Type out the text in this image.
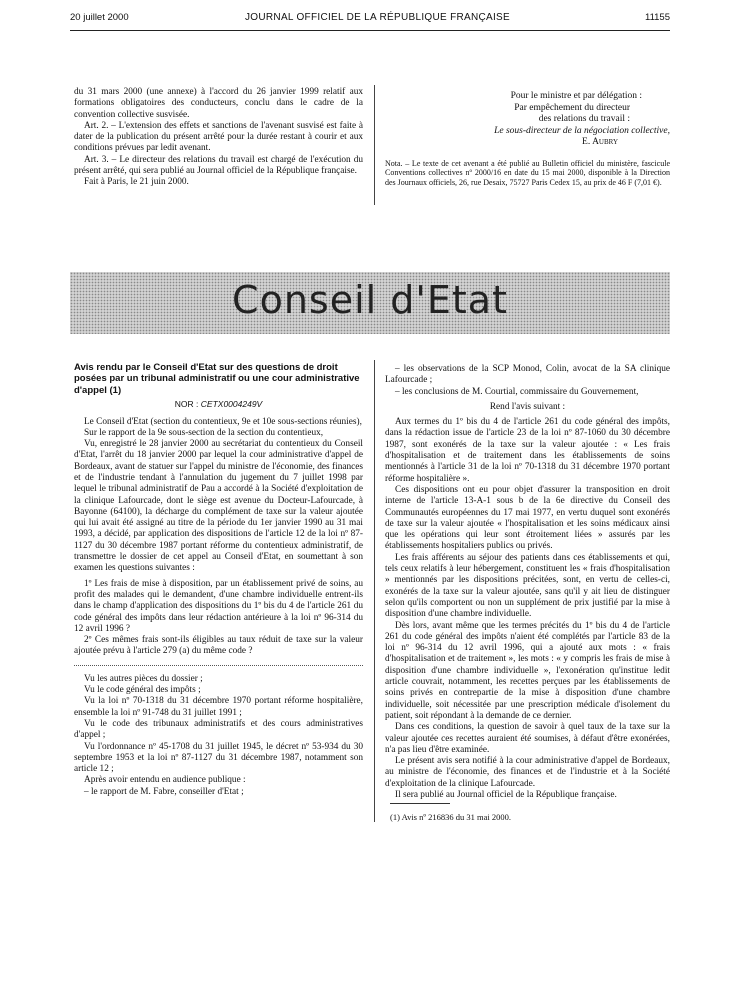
20 juillet 2000	JOURNAL OFFICIEL DE LA RÉPUBLIQUE FRANÇAISE	11155

du 31 mars 2000 (une annexe) à l'accord du 26 janvier 1999 relatif aux formations obligatoires des conducteurs, conclu dans le cadre de la convention collective susvisée.

Art. 2. – L'extension des effets et sanctions de l'avenant susvisé est faite à dater de la publication du présent arrêté pour la durée restant à courir et aux conditions prévues par ledit avenant.

Art. 3. – Le directeur des relations du travail est chargé de l'exécution du présent arrêté, qui sera publié au Journal officiel de la République française.

Fait à Paris, le 21 juin 2000.

Pour le ministre et par délégation :
Par empêchement du directeur
des relations du travail :
Le sous-directeur de la négociation collective,
E. Aubry
Nota. – Le texte de cet avenant a été publié au Bulletin officiel du ministère, fascicule Conventions collectives nº 2000/16 en date du 15 mai 2000, disponible à la Direction des Journaux officiels, 26, rue Desaix, 75727 Paris Cedex 15, au prix de 46 F (7,01 €).
Conseil d'Etat
Avis rendu par le Conseil d'Etat sur des questions de droit posées par un tribunal administratif ou une cour administrative d'appel (1)
NOR : CETX0004249V

Le Conseil d'Etat (section du contentieux, 9e et 10e sous-sections réunies),

Sur le rapport de la 9e sous-section de la section du contentieux,

Vu, enregistré le 28 janvier 2000 au secrétariat du contentieux du Conseil d'Etat, l'arrêt du 18 janvier 2000 par lequel la cour administrative d'appel de Bordeaux, avant de statuer sur l'appel du ministre de l'économie, des finances et de l'industrie tendant à l'annulation du jugement du 7 juillet 1998 par lequel le tribunal administratif de Pau a accordé à la Société d'exploitation de la clinique Lafourcade, dont le siège est avenue du Docteur-Lafourcade, à Bayonne (64100), la décharge du complément de taxe sur la valeur ajoutée qui lui avait été assigné au titre de la période du 1er janvier 1990 au 31 mai 1993, a décidé, par application des dispositions de l'article 12 de la loi nº 87-1127 du 30 décembre 1987 portant réforme du contentieux administratif, de transmettre le dossier de cet appel au Conseil d'Etat, en soumettant à son examen les questions suivantes :

1º Les frais de mise à disposition, par un établissement privé de soins, au profit des malades qui le demandent, d'une chambre individuelle entrent-ils dans le champ d'application des dispositions du 1º bis du 4 de l'article 261 du code général des impôts dans leur rédaction antérieure à la loi nº 96-314 du 12 avril 1996 ?

2º Ces mêmes frais sont-ils éligibles au taux réduit de taxe sur la valeur ajoutée prévu à l'article 279 (a) du même code ?

Vu les autres pièces du dossier ;

Vu le code général des impôts ;

Vu la loi nº 70-1318 du 31 décembre 1970 portant réforme hospitalière, ensemble la loi nº 91-748 du 31 juillet 1991 ;

Vu le code des tribunaux administratifs et des cours administratives d'appel ;

Vu l'ordonnance nº 45-1708 du 31 juillet 1945, le décret nº 53-934 du 30 septembre 1953 et la loi nº 87-1127 du 31 décembre 1987, notamment son article 12 ;

Après avoir entendu en audience publique :

– le rapport de M. Fabre, conseiller d'Etat ;

– les observations de la SCP Monod, Colin, avocat de la SA clinique Lafourcade ;

– les conclusions de M. Courtial, commissaire du Gouvernement,

Rend l'avis suivant :

Aux termes du 1º bis du 4 de l'article 261 du code général des impôts, dans la rédaction issue de l'article 23 de la loi nº 87-1060 du 30 décembre 1987, sont exonérés de la taxe sur la valeur ajoutée : « Les frais d'hospitalisation et de traitement dans les établissements de soins mentionnés à l'article 31 de la loi nº 70-1318 du 31 décembre 1970 portant réforme hospitalière ».

Ces dispositions ont eu pour objet d'assurer la transposition en droit interne de l'article 13-A-1 sous b de la 6e directive du Conseil des Communautés européennes du 17 mai 1977, en vertu duquel sont exonérés de taxe sur la valeur ajoutée « l'hospitalisation et les soins médicaux ainsi que les opérations qui leur sont étroitement liées » assurés par les établissements hospitaliers publics ou privés.

Les frais afférents au séjour des patients dans ces établissements et qui, tels ceux relatifs à leur hébergement, constituent les « frais d'hospitalisation » mentionnés par les dispositions précitées, sont, en vertu de celles-ci, exonérés de la taxe sur la valeur ajoutée, sans qu'il y ait lieu de distinguer selon qu'ils comportent ou non un supplément de prix justifié par la mise à disposition d'une chambre individuelle.

Dès lors, avant même que les termes précités du 1º bis du 4 de l'article 261 du code général des impôts n'aient été complétés par l'article 83 de la loi nº 96-314 du 12 avril 1996, qui a ajouté aux mots : « frais d'hospitalisation et de traitement », les mots : « y compris les frais de mise à disposition d'une chambre individuelle », l'exonération qu'institue ledit article couvrait, notamment, les recettes perçues par les établissements de soins privés en contrepartie de la mise à disposition d'une chambre individuelle, soit nécessitée par une prescription médicale d'isolement du patient, soit répondant à la demande de ce dernier.

Dans ces conditions, la question de savoir à quel taux de la taxe sur la valeur ajoutée ces recettes auraient été soumises, à défaut d'être exonérées, n'a pas lieu d'être examinée.

Le présent avis sera notifié à la cour administrative d'appel de Bordeaux, au ministre de l'économie, des finances et de l'industrie et à la Société d'exploitation de la clinique Lafourcade.

Il sera publié au Journal officiel de la République française.

(1) Avis nº 216836 du 31 mai 2000.
